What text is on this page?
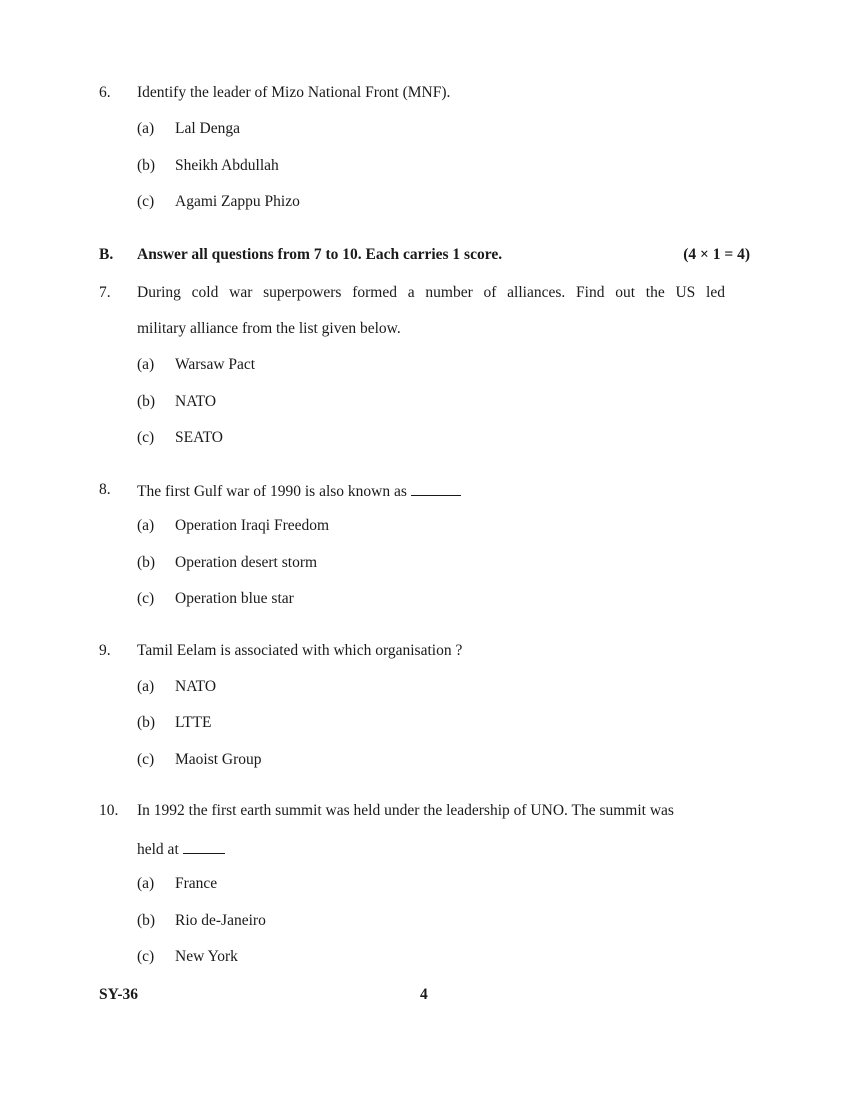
6. Identify the leader of Mizo National Front (MNF).
(a) Lal Denga
(b) Sheikh Abdullah
(c) Agami Zappu Phizo
B. Answer all questions from 7 to 10. Each carries 1 score.	(4 × 1 = 4)
7. During cold war superpowers formed a number of alliances. Find out the US led
military alliance from the list given below.
(a) Warsaw Pact
(b) NATO
(c) SEATO
8. The first Gulf war of 1990 is also known as
(a) Operation Iraqi Freedom
(b) Operation desert storm
(c) Operation blue star
9. Tamil Eelam is associated with which organisation ?
(a) NATO
(b) LTTE
(c) Maoist Group
10. In 1992 the first earth summit was held under the leadership of UNO. The summit was
held at
(a) France
(b) Rio de-Janeiro
(c) New York
SY-36	4
